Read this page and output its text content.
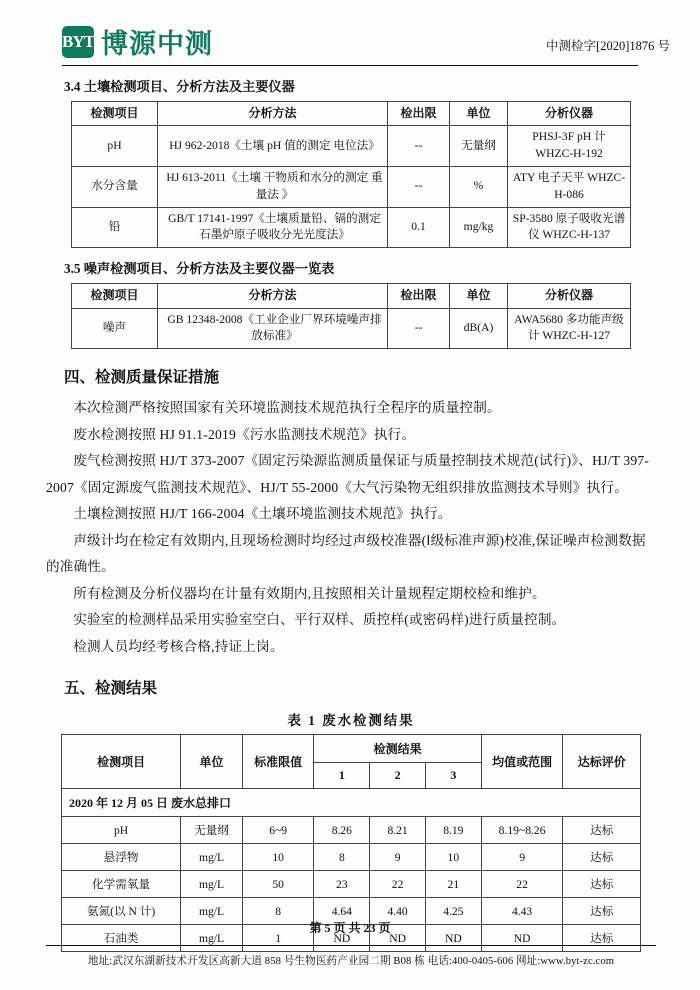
BYT 博源中测	中测检字[2020]1876 号
3.4 土壤检测项目、分析方法及主要仪器
检测项目	分析方法	检出限	单位	分析仪器
pH	HJ 962-2018《土壤 pH 值的测定 电位法》	--	无量纲	PHSJ-3F pH 计 WHZC-H-192
水分含量	HJ 613-2011《土壤 干物质和水分的测定 重量法 》	--	%	ATY 电子天平 WHZC-H-086
铅	GB/T 17141-1997《土壤质量铅、镉的测定 石墨炉原子吸收分光光度法》	0.1	mg/kg	SP-3580 原子吸收光谱仪 WHZC-H-137
3.5 噪声检测项目、分析方法及主要仪器一览表
检测项目	分析方法	检出限	单位	分析仪器
噪声	GB 12348-2008《工业企业厂界环境噪声排放标准》	--	dB(A)	AWA5680 多功能声级计 WHZC-H-127
四、检测质量保证措施

本次检测严格按照国家有关环境监测技术规范执行全程序的质量控制。

废水检测按照 HJ 91.1-2019《污水监测技术规范》执行。

废气检测按照 HJ/T 373-2007《固定污染源监测质量保证与质量控制技术规范(试行)》、HJ/T 397-2007《固定源废气监测技术规范》、HJ/T 55-2000《大气污染物无组织排放监测技术导则》执行。

土壤检测按照 HJ/T 166-2004《土壤环境监测技术规范》执行。

声级计均在检定有效期内,且现场检测时均经过声级校准器(Ⅰ级标准声源)校准,保证噪声检测数据的准确性。

所有检测及分析仪器均在计量有效期内,且按照相关计量规程定期校检和维护。

实验室的检测样品采用实验室空白、平行双样、质控样(或密码样)进行质量控制。

检测人员均经考核合格,持证上岗。

五、检测结果
表 1 废水检测结果
检测项目	单位	标准限值	检测结果			均值或范围	达标评价
			1	2	3		
2020 年 12 月 05 日 废水总排口							
pH	无量纲	6~9	8.26	8.21	8.19	8.19~8.26	达标
悬浮物	mg/L	10	8	9	10	9	达标
化学需氧量	mg/L	50	23	22	21	22	达标
氨氮(以 N 计)	mg/L	8	4.64	4.40	4.25	4.43	达标
石油类	mg/L	1	ND	ND	ND	ND	达标
第 5 页 共 23 页
地址:武汉东湖新技术开发区高新大道 858 号生物医药产业园二期 B08 栋 电话:400-0405-606 网址:www.byt-zc.com
